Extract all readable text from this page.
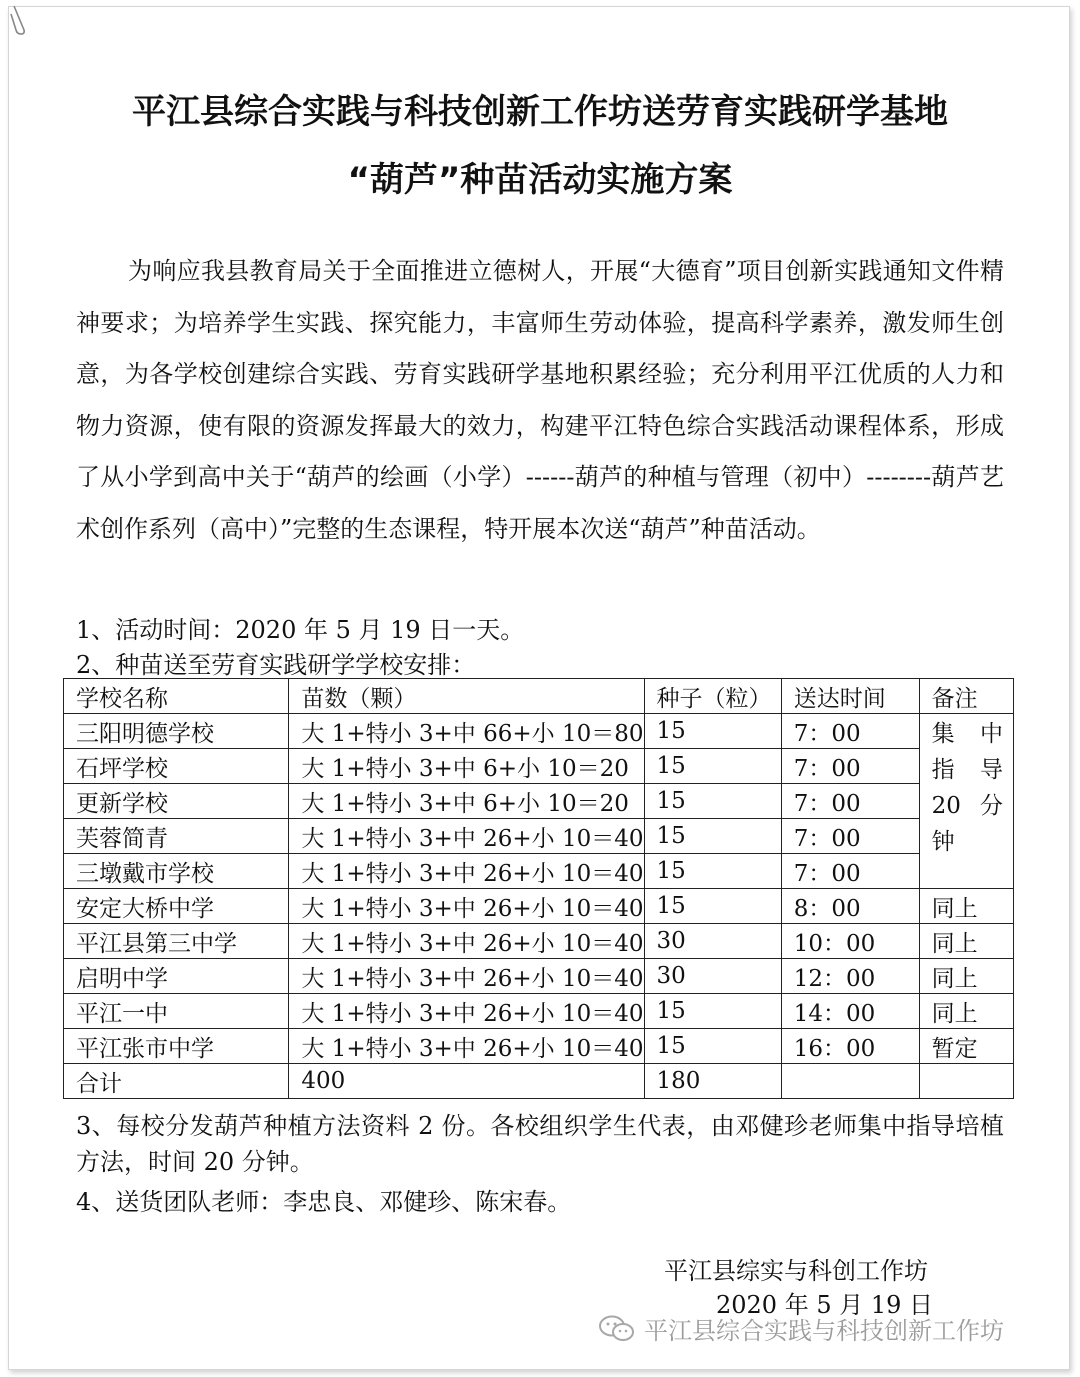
平江县综合实践与科技创新工作坊送劳育实践研学基地
“葫芦”种苗活动实施方案
为响应我县教育局关于全面推进立德树人，开展“大德育”项目创新实践通知文件精神要求；为培养学生实践、探究能力，丰富师生劳动体验，提高科学素养，激发师生创意，为各学校创建综合实践、劳育实践研学基地积累经验；充分利用平江优质的人力和物力资源，使有限的资源发挥最大的效力，构建平江特色综合实践活动课程体系，形成了从小学到高中关于“葫芦的绘画（小学）------葫芦的种植与管理（初中）--------葫芦艺术创作系列（高中）”完整的生态课程，特开展本次送“葫芦”种苗活动。
1、活动时间：2020 年 5 月 19 日一天。
2、种苗送至劳育实践研学学校安排：
学校名称	苗数（颗）	种子（粒）	送达时间	备注
三阳明德学校	大 1+特小 3+中 66+小 10＝80	15	7：00	集 中 指 导 20 分钟
石坪学校	大 1+特小 3+中 6+小 10＝20	15	7：00	
更新学校	大 1+特小 3+中 6+小 10＝20	15	7：00	
芙蓉简青	大 1+特小 3+中 26+小 10＝40	15	7：00	
三墩戴市学校	大 1+特小 3+中 26+小 10＝40	15	7：00	
安定大桥中学	大 1+特小 3+中 26+小 10＝40	15	8：00	同上
平江县第三中学	大 1+特小 3+中 26+小 10＝40	30	10：00	同上
启明中学	大 1+特小 3+中 26+小 10＝40	30	12：00	同上
平江一中	大 1+特小 3+中 26+小 10＝40	15	14：00	同上
平江张市中学	大 1+特小 3+中 26+小 10＝40	15	16：00	暂定
合计	400	180		
3、每校分发葫芦种植方法资料 2 份。各校组织学生代表，由邓健珍老师集中指导培植方法，时间 20 分钟。
4、送货团队老师：李忠良、邓健珍、陈宋春。
平江县综实与科创工作坊
2020 年 5 月 19 日
平江县综合实践与科技创新工作坊
